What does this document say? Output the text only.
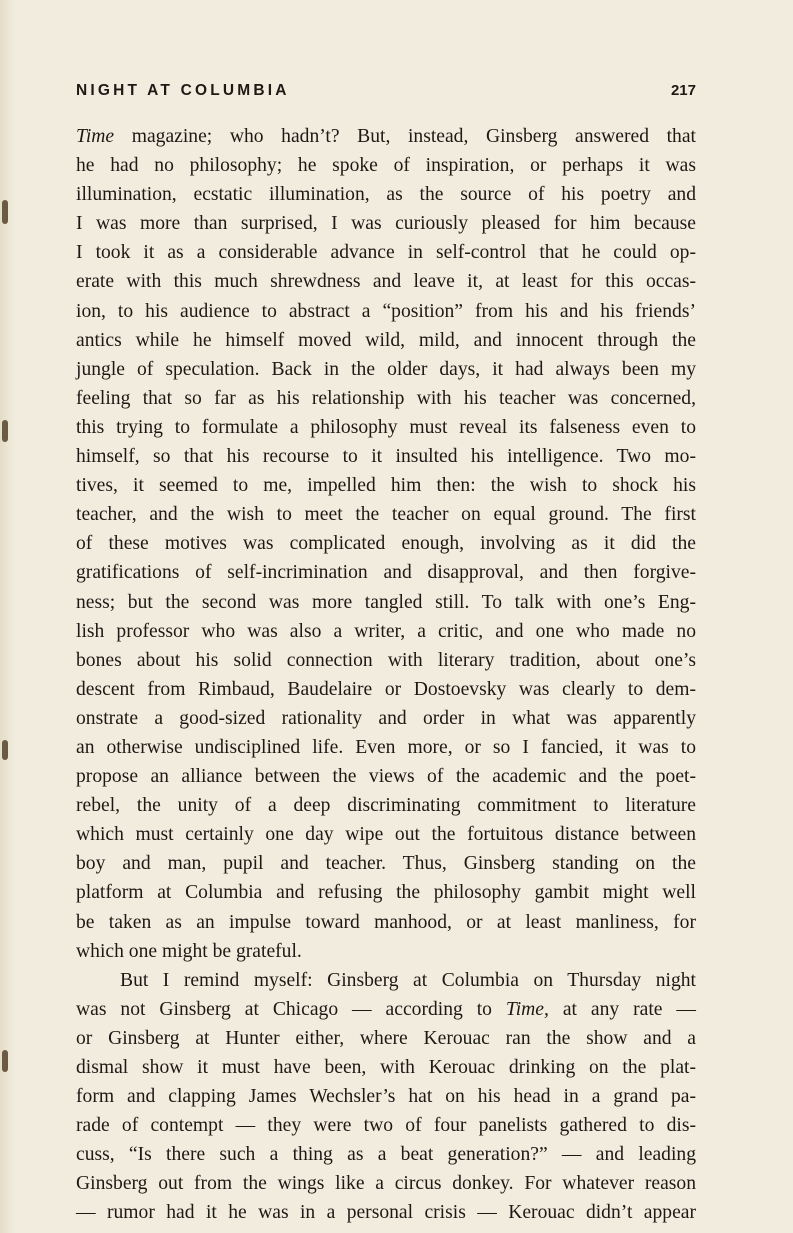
NIGHT AT COLUMBIA	217
Time magazine; who hadn’t? But, instead, Ginsberg answered that
he had no philosophy; he spoke of inspiration, or perhaps it was
illumination, ecstatic illumination, as the source of his poetry and
I was more than surprised, I was curiously pleased for him because
I took it as a considerable advance in self-control that he could op-
erate with this much shrewdness and leave it, at least for this occas-
ion, to his audience to abstract a “position” from his and his friends’
antics while he himself moved wild, mild, and innocent through the
jungle of speculation. Back in the older days, it had always been my
feeling that so far as his relationship with his teacher was concerned,
this trying to formulate a philosophy must reveal its falseness even to
himself, so that his recourse to it insulted his intelligence. Two mo-
tives, it seemed to me, impelled him then: the wish to shock his
teacher, and the wish to meet the teacher on equal ground. The first
of these motives was complicated enough, involving as it did the
gratifications of self-incrimination and disapproval, and then forgive-
ness; but the second was more tangled still. To talk with one’s Eng-
lish professor who was also a writer, a critic, and one who made no
bones about his solid connection with literary tradition, about one’s
descent from Rimbaud, Baudelaire or Dostoevsky was clearly to dem-
onstrate a good-sized rationality and order in what was apparently
an otherwise undisciplined life. Even more, or so I fancied, it was to
propose an alliance between the views of the academic and the poet-
rebel, the unity of a deep discriminating commitment to literature
which must certainly one day wipe out the fortuitous distance between
boy and man, pupil and teacher. Thus, Ginsberg standing on the
platform at Columbia and refusing the philosophy gambit might well
be taken as an impulse toward manhood, or at least manliness, for
which one might be grateful.
But I remind myself: Ginsberg at Columbia on Thursday night
was not Ginsberg at Chicago — according to Time, at any rate —
or Ginsberg at Hunter either, where Kerouac ran the show and a
dismal show it must have been, with Kerouac drinking on the plat-
form and clapping James Wechsler’s hat on his head in a grand pa-
rade of contempt — they were two of four panelists gathered to dis-
cuss, “Is there such a thing as a beat generation?” — and leading
Ginsberg out from the wings like a circus donkey. For whatever reason
— rumor had it he was in a personal crisis — Kerouac didn’t appear
